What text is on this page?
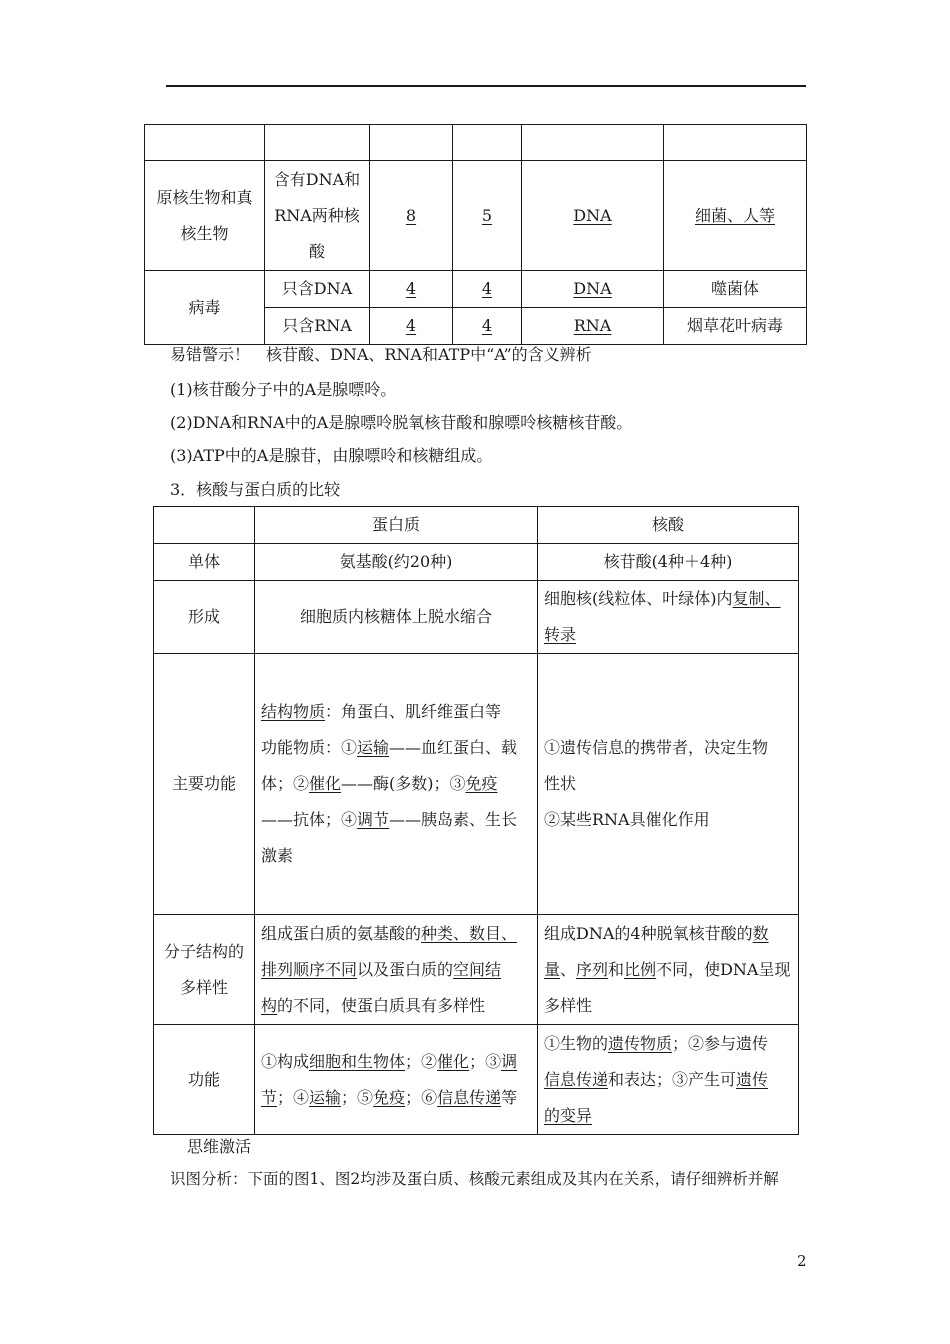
原核生物和真核生物	含有DNA和RNA两种核酸	8	5	DNA	细菌、人等
病毒	只含DNA	4	4	DNA	噬菌体
	只含RNA	4	4	RNA	烟草花叶病毒
易错警示！　核苷酸、DNA、RNA和ATP中“A”的含义辨析
(1)核苷酸分子中的A是腺嘌呤。
(2)DNA和RNA中的A是腺嘌呤脱氧核苷酸和腺嘌呤核糖核苷酸。
(3)ATP中的A是腺苷，由腺嘌呤和核糖组成。
3．核酸与蛋白质的比较
	蛋白质	核酸
单体	氨基酸(约20种)	核苷酸(4种＋4种)
形成	细胞质内核糖体上脱水缩合	细胞核(线粒体、叶绿体)内复制、
转录

主要功能	结构物质：角蛋白、肌纤维蛋白等
功能物质：①运输——血红蛋白、载
体；②催化——酶(多数)；③免疫
——抗体；④调节——胰岛素、生长
激素	①遗传信息的携带者，决定生物
性状
②某些RNA具催化作用

分子结构的
多样性	组成蛋白质的氨基酸的种类、数目、
排列顺序不同以及蛋白质的空间结
构的不同，使蛋白质具有多样性	组成DNA的4种脱氧核苷酸的数
量、序列和比例不同，使DNA呈现
多样性

功能	①构成细胞和生物体；②催化；③调
节；④运输；⑤免疫；⑥信息传递等	①生物的遗传物质；②参与遗传
信息传递和表达；③产生可遗传
的变异
思维激活
识图分析：下面的图1、图2均涉及蛋白质、核酸元素组成及其内在关系，请仔细辨析并解
2
